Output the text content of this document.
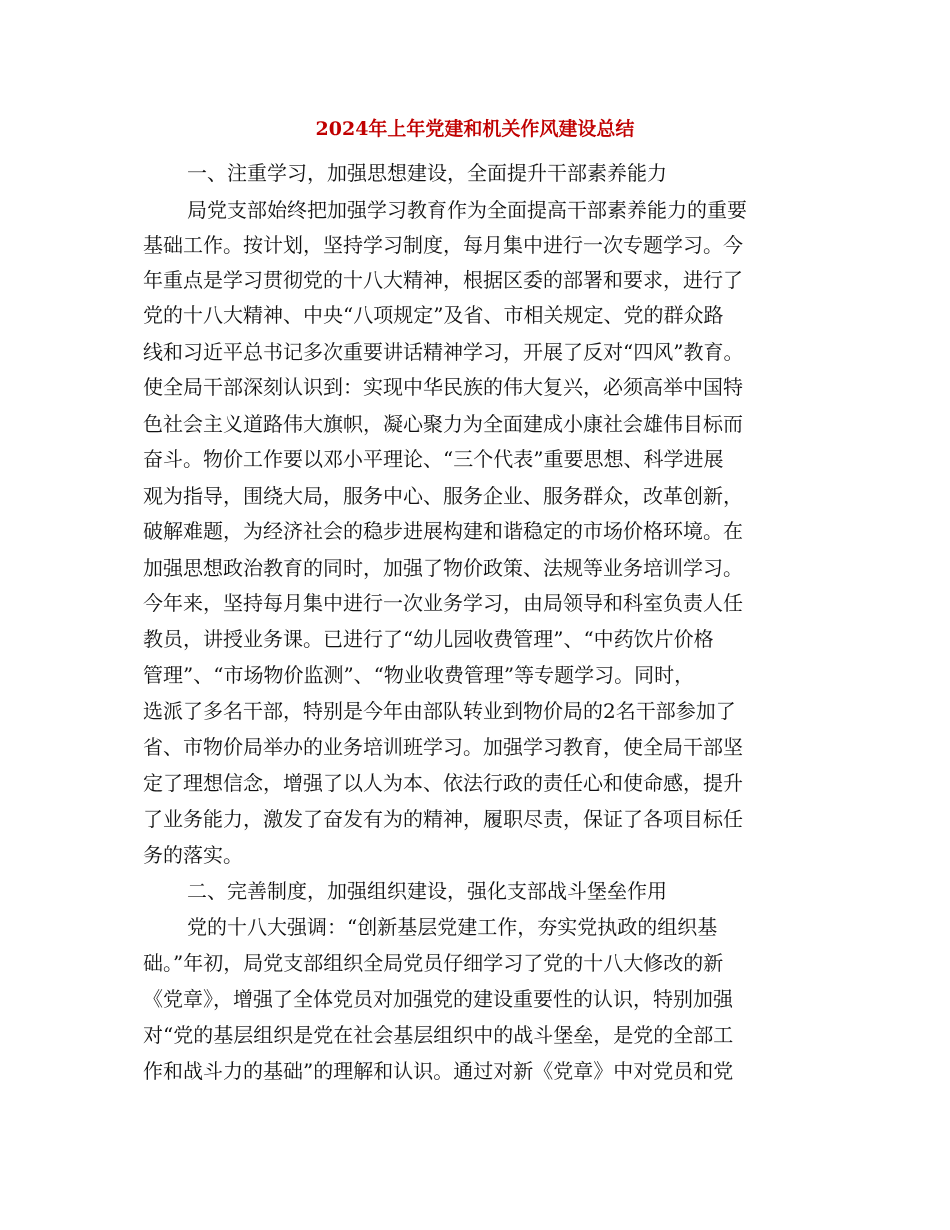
2024年上年党建和机关作风建设总结
一、注重学习，加强思想建设，全面提升干部素养能力
局党支部始终把加强学习教育作为全面提高干部素养能力的重要
基础工作。按计划，坚持学习制度，每月集中进行一次专题学习。今
年重点是学习贯彻党的十八大精神，根据区委的部署和要求，进行了
党的十八大精神、中央“八项规定”及省、市相关规定、党的群众路
线和习近平总书记多次重要讲话精神学习，开展了反对“四风”教育。
使全局干部深刻认识到：实现中华民族的伟大复兴，必须高举中国特
色社会主义道路伟大旗帜，凝心聚力为全面建成小康社会雄伟目标而
奋斗。物价工作要以邓小平理论、“三个代表”重要思想、科学进展
观为指导，围绕大局，服务中心、服务企业、服务群众，改革创新，
破解难题，为经济社会的稳步进展构建和谐稳定的市场价格环境。在
加强思想政治教育的同时，加强了物价政策、法规等业务培训学习。
今年来，坚持每月集中进行一次业务学习，由局领导和科室负责人任
教员，讲授业务课。已进行了“幼儿园收费管理”、“中药饮片价格
管理”、“市场物价监测”、“物业收费管理”等专题学习。同时，
选派了多名干部，特别是今年由部队转业到物价局的2名干部参加了
省、市物价局举办的业务培训班学习。加强学习教育，使全局干部坚
定了理想信念，增强了以人为本、依法行政的责任心和使命感，提升
了业务能力，激发了奋发有为的精神，履职尽责，保证了各项目标任
务的落实。
二、完善制度，加强组织建设，强化支部战斗堡垒作用
党的十八大强调：“创新基层党建工作，夯实党执政的组织基
础。”年初，局党支部组织全局党员仔细学习了党的十八大修改的新
《党章》，增强了全体党员对加强党的建设重要性的认识，特别加强
对“党的基层组织是党在社会基层组织中的战斗堡垒，是党的全部工
作和战斗力的基础”的理解和认识。通过对新《党章》中对党员和党
